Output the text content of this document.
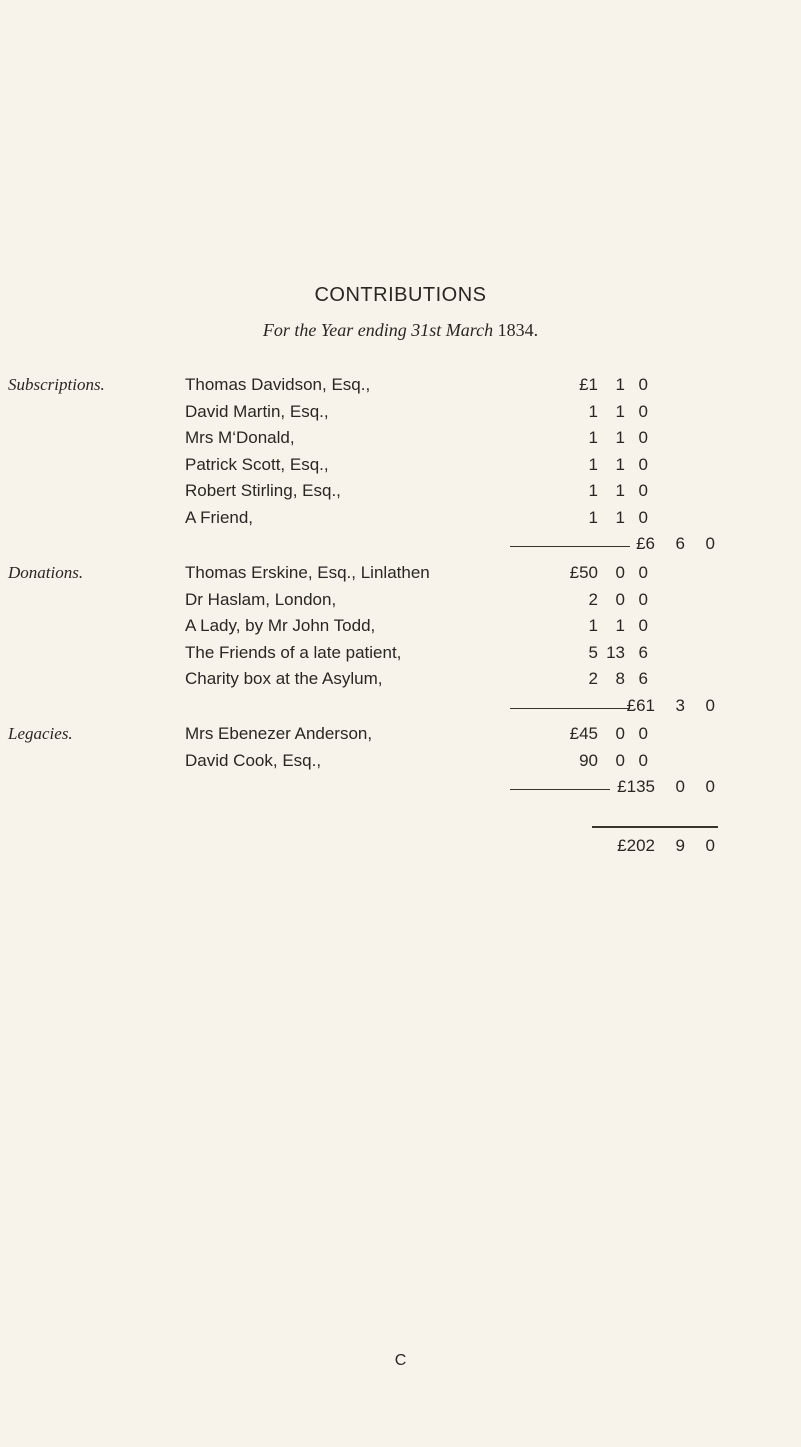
CONTRIBUTIONS
For the Year ending 31st March 1834.
Subscriptions.	Thomas Davidson, Esq.,	£1	1 0
David Martin, Esq.,	1	1 0
Mrs M‘Donald,	1	1 0
Patrick Scott, Esq.,	1	1 0
Robert Stirling, Esq.,	1	1 0
A Friend,	1	1 0
£6	6	0
Donations.	Thomas Erskine, Esq., Linlathen	£50	0 0
Dr Haslam, London,	2	0 0
A Lady, by Mr John Todd,	1	1 0
The Friends of a late patient,	5 13 6
Charity box at the Asylum,	2	8 6
£61	3	0
Legacies.	Mrs Ebenezer Anderson,	£45	0 0
David Cook, Esq.,	90	0 0
£135	0	0
£202	9	0
C
